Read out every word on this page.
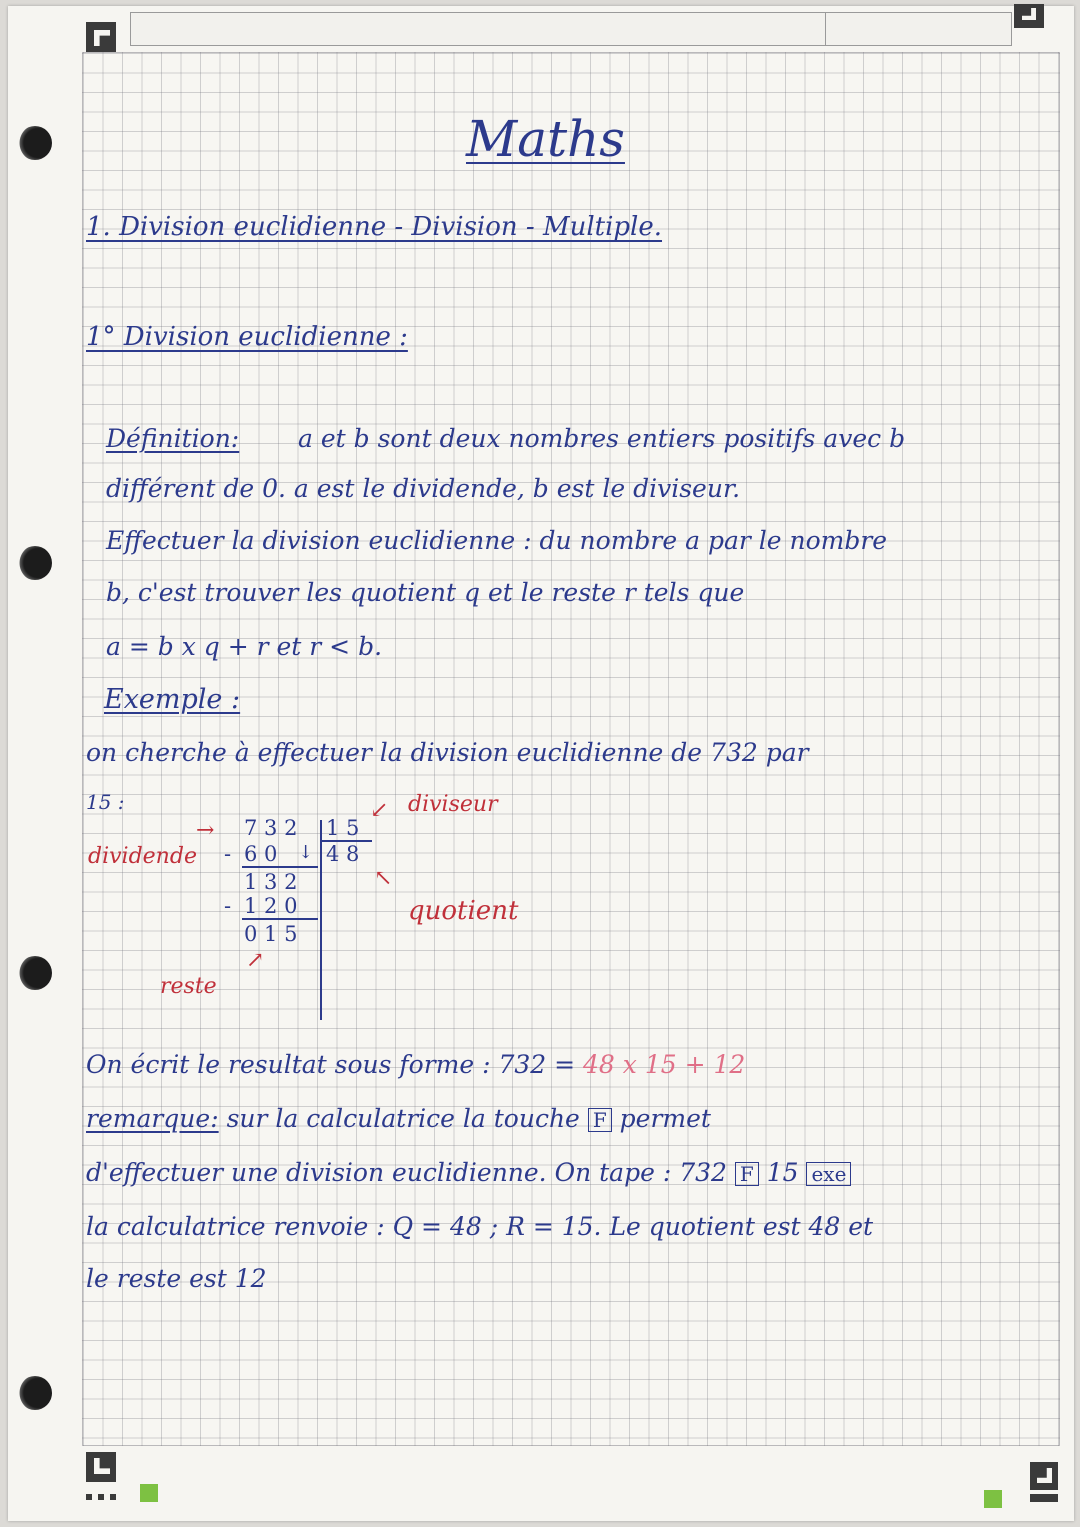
Maths
1. Division euclidienne - Division - Multiple.
1° Division euclidienne :
Définition: a et b sont deux nombres entiers positifs avec b
différent de 0. a est le dividende, b est le diviseur.
Effectuer la division euclidienne : du nombre a par le nombre
b, c'est trouver les quotient q et le reste r tels que
a = b x q + r et r < b.
Exemple :
on cherche à effectuer la division euclidienne de 732 par
15 :
→
↙
↖
↗
7 3 2 1 5
- 6 0 ↓ 4 8
1 3 2
- 1 2 0
0 1 5
diviseur
dividende
quotient
reste
On écrit le resultat sous forme : 732 = 48 x 15 + 12
remarque: sur la calculatrice la touche F permet
d'effectuer une division euclidienne. On tape : 732 F 15 exe
la calculatrice renvoie : Q = 48 ; R = 15. Le quotient est 48 et
le reste est 12
